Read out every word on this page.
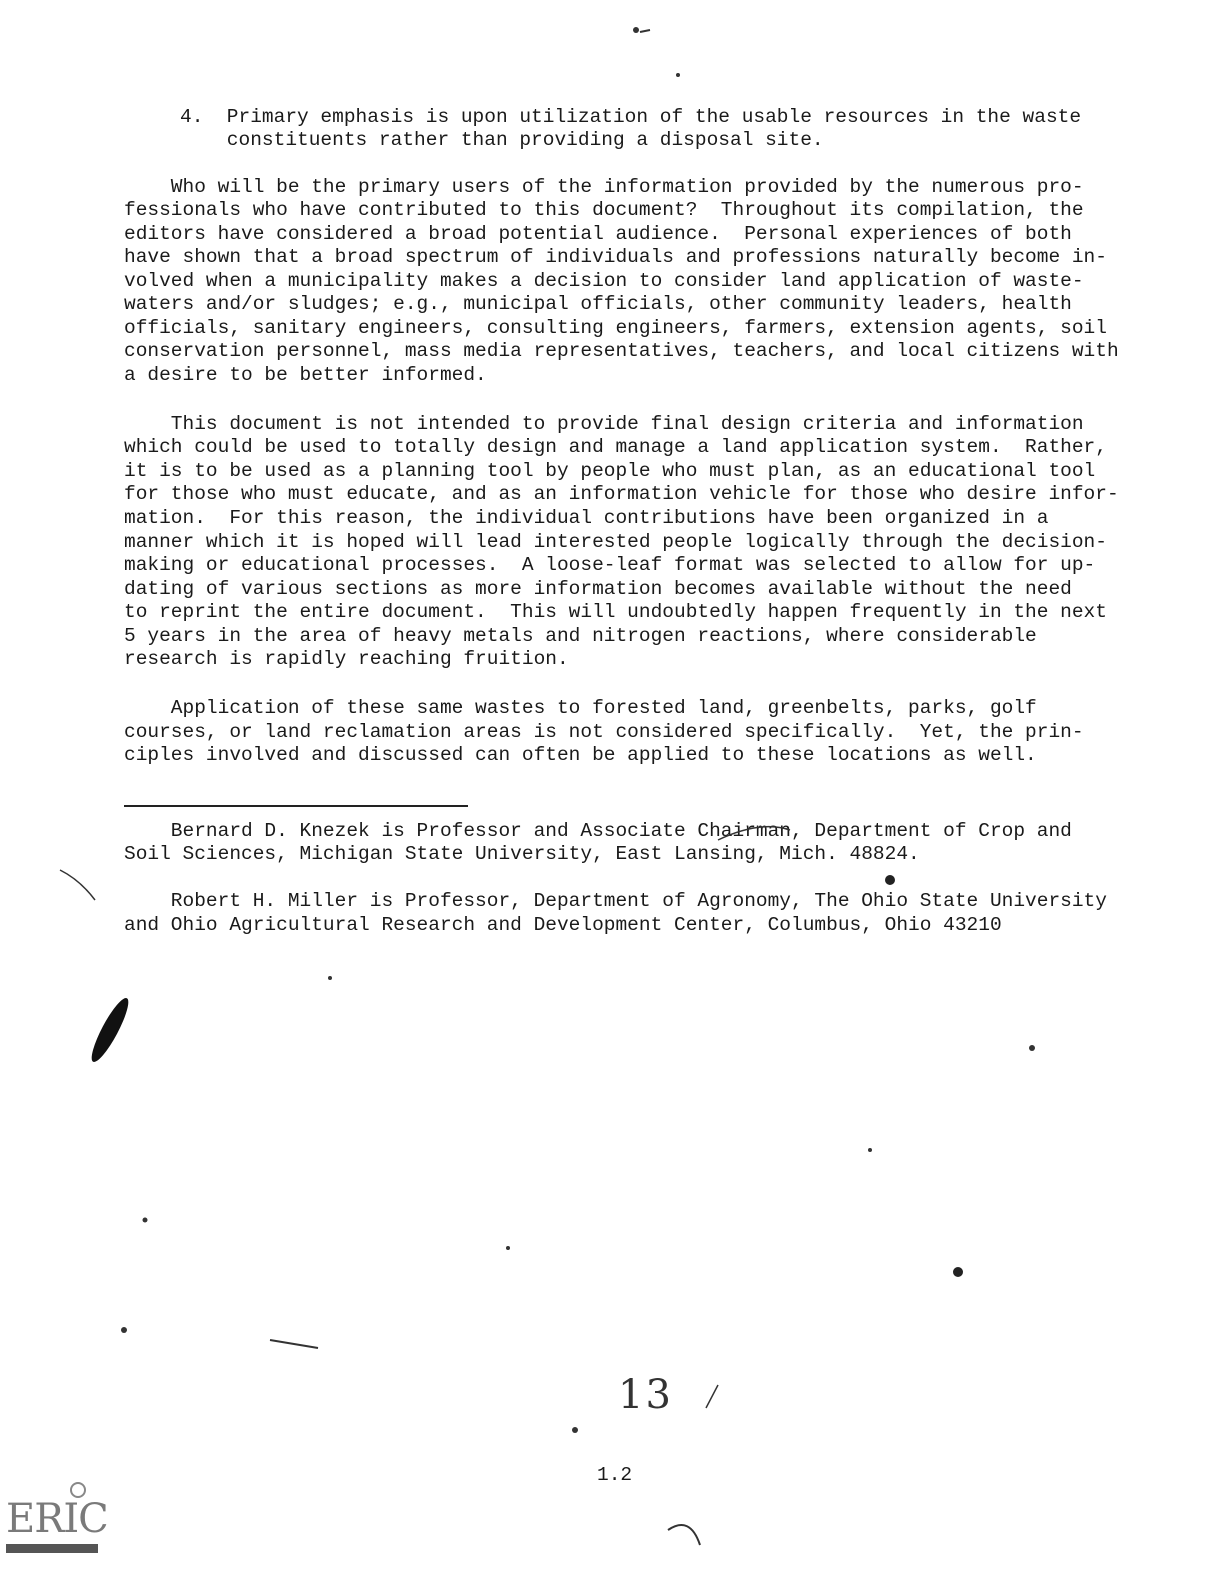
4.  Primary emphasis is upon utilization of the usable resources in the waste
constituents rather than providing a disposal site.
Who will be the primary users of the information provided by the numerous pro-
fessionals who have contributed to this document?  Throughout its compilation, the
editors have considered a broad potential audience.  Personal experiences of both
have shown that a broad spectrum of individuals and professions naturally become in-
volved when a municipality makes a decision to consider land application of waste-
waters and/or sludges; e.g., municipal officials, other community leaders, health
officials, sanitary engineers, consulting engineers, farmers, extension agents, soil
conservation personnel, mass media representatives, teachers, and local citizens with
a desire to be better informed.
This document is not intended to provide final design criteria and information
which could be used to totally design and manage a land application system.  Rather,
it is to be used as a planning tool by people who must plan, as an educational tool
for those who must educate, and as an information vehicle for those who desire infor-
mation.  For this reason, the individual contributions have been organized in a
manner which it is hoped will lead interested people logically through the decision-
making or educational processes.  A loose-leaf format was selected to allow for up-
dating of various sections as more information becomes available without the need
to reprint the entire document.  This will undoubtedly happen frequently in the next
5 years in the area of heavy metals and nitrogen reactions, where considerable
research is rapidly reaching fruition.
Application of these same wastes to forested land, greenbelts, parks, golf
courses, or land reclamation areas is not considered specifically.  Yet, the prin-
ciples involved and discussed can often be applied to these locations as well.
Bernard D. Knezek is Professor and Associate Chairman, Department of Crop and
Soil Sciences, Michigan State University, East Lansing, Mich. 48824.
Robert H. Miller is Professor, Department of Agronomy, The Ohio State University
and Ohio Agricultural Research and Development Center, Columbus, Ohio 43210
13
1.2
ERIC
